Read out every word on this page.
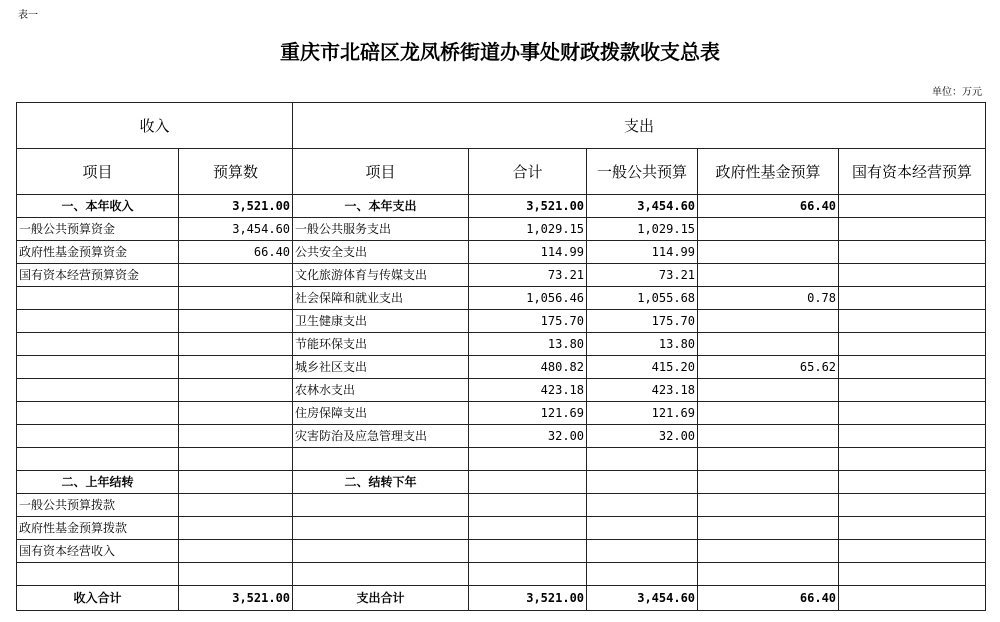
表一
重庆市北碚区龙凤桥街道办事处财政拨款收支总表
单位：万元
收入		支出				
项目	预算数	项目	合计	一般公共预算	政府性基金预算	国有资本经营预算
一、本年收入	3,521.00	一、本年支出	3,521.00	3,454.60	66.40	
一般公共预算资金	3,454.60	一般公共服务支出	1,029.15	1,029.15		
政府性基金预算资金	66.40	公共安全支出	114.99	114.99		
国有资本经营预算资金		文化旅游体育与传媒支出	73.21	73.21		
		社会保障和就业支出	1,056.46	1,055.68	0.78	
		卫生健康支出	175.70	175.70		
		节能环保支出	13.80	13.80		
		城乡社区支出	480.82	415.20	65.62	
		农林水支出	423.18	423.18		
		住房保障支出	121.69	121.69		
		灾害防治及应急管理支出	32.00	32.00		

二、上年结转		二、结转下年				
一般公共预算拨款						
政府性基金预算拨款						
国有资本经营收入						

收入合计	3,521.00	支出合计	3,521.00	3,454.60	66.40	
